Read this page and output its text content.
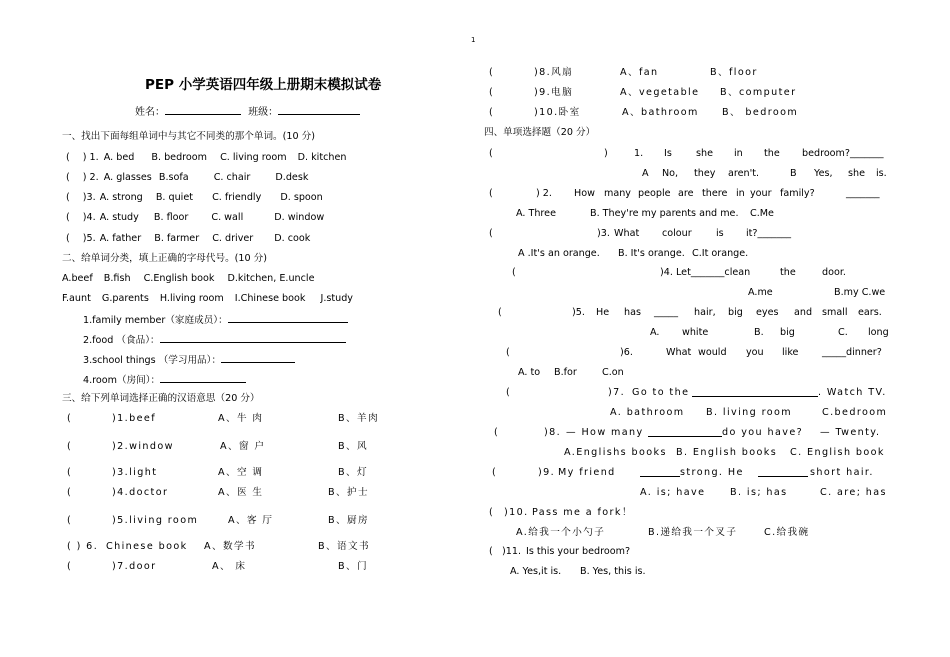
1
PEP 小学英语四年级上册期末模拟试卷
姓名：	班级：
一、找出下面每组单词中与其它不同类的那个单词。(10 分)
( ) 1. A. bed B. bedroom C. living room D. kitchen
( ) 2. A. glasses B.sofa	C. chair	D.desk
( )3. A. strong B. quiet C. friendly D. spoon
( )4. A. study B. floor C. wall	D. window
( )5. A. father B. farmer C. driver D. cook
二、给单词分类，填上正确的字母代号。(10 分)
A.beef B.fish C.English book D.kitchen, E.uncle
F.aunt G.parents H.living room I.Chinese book J.study
1.family member（家庭成员）：
2.food （食品）：
3.school things （学习用品）：
4.room（房间）：
三、给下列单词选择正确的汉语意思（20 分）
(	)1.beef	A、牛 肉	B、羊肉
(	)2.window	A、窗 户	B、风
(	)3.light	A、空 调	B、灯
(	)4.doctor	A、医 生	B、护士
(	)5.living room	A、客 厅	B、厨房
( ) 6. Chinese book A、数学书	B、语文书
(	)7.door	A、 床	B、门
(	)8.风扇	A、fan	B、floor
(	)9.电脑	A、vegetable B、computer
(	)10.卧室	A、bathroom B、 bedroom
四、单项选择题（20 分）
(	)	1. Is	she in the bedroom?_______
A No, they aren't.	B Yes, she is.
(	) 2. How many people are there in your family?	_______
A. Three	B. They're my parents and me. C.Me
(	)3. What colour	is it?_______
A .It's an orange. B. It's orange. C.It orange.
(	)4. Let_______clean	the	door.
A.me	B.my C.we
(	)5. He has _____ hair, big eyes and small ears.
A. white	B. big	C. long
(	)6.	What would you like _____dinner?
A. to B.for	C.on
(	)7. Go to the	. Watch TV.
A. bathroom B. living room	C.bedroom
(	)8. — How many	do you have? — Twenty.
A.Englishs books B. English books C. English book
(	)9. My friend	strong. He	short hair.
A. is; have	B. is; has	C. are; has
( )10. Pass me a fork！
A.给我一个小勺子	B.递给我一个叉子	C.给我碗
( )11. Is this your bedroom?
A. Yes,it is. B. Yes, this is.
